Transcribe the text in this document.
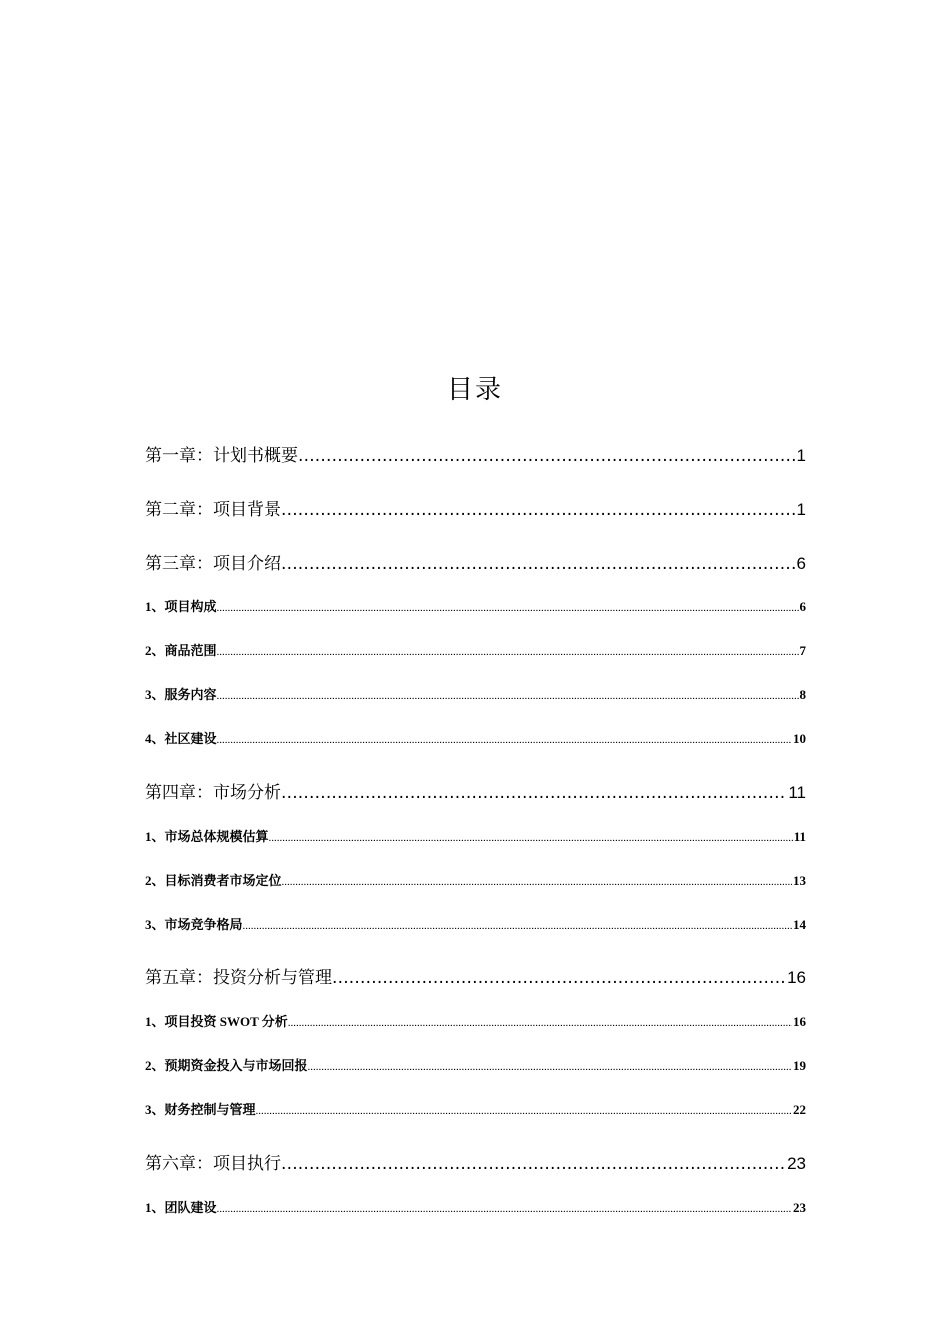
目录
第一章：计划书概要 .....	1
第二章：项目背景 .....	1
第三章：项目介绍 .....	6
1、项目构成 .....	6
2、商品范围 .....	7
3、服务内容 .....	8
4、社区建设 .....	10
第四章：市场分析 .....	11
1、市场总体规模估算 .....	11
2、目标消费者市场定位 .....	13
3、市场竞争格局 .....	14
第五章：投资分析与管理 .....	16
1、项目投资 SWOT 分析 .....	16
2、预期资金投入与市场回报 .....	19
3、财务控制与管理 .....	22
第六章：项目执行 .....	23
1、团队建设 .....	23
